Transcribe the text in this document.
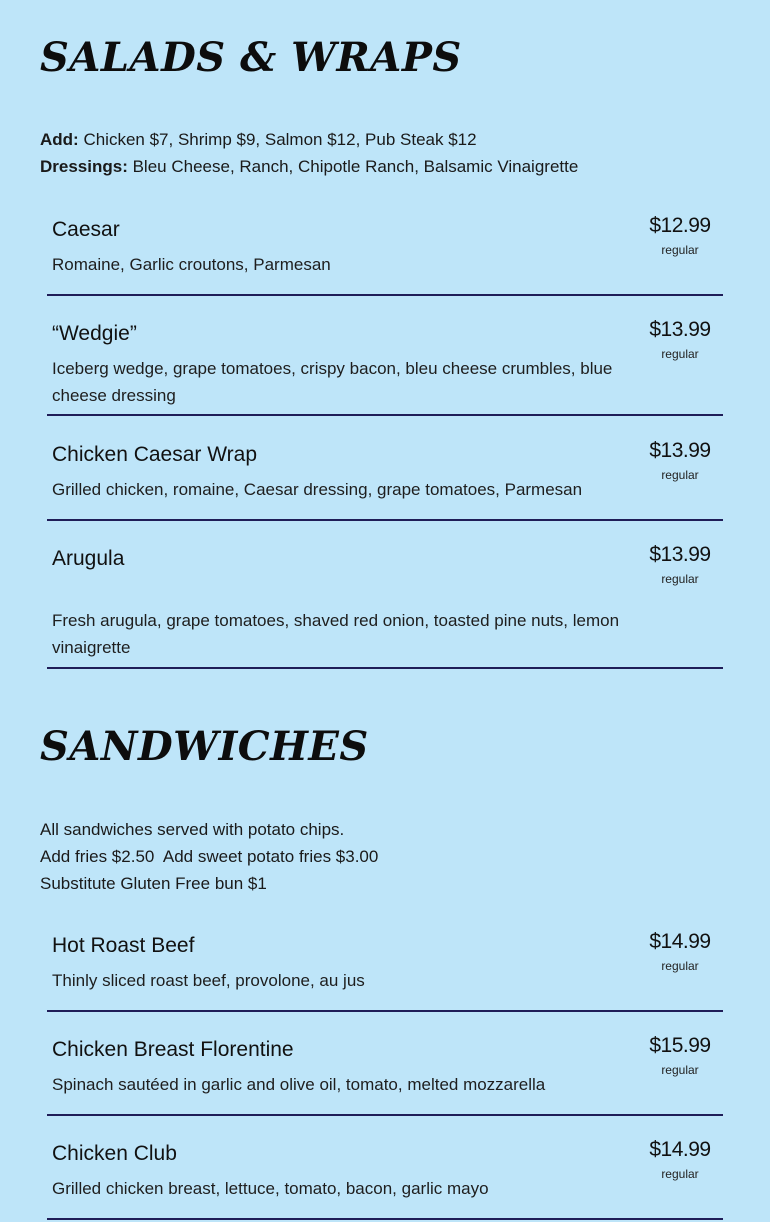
SALADS & WRAPS
Add: Chicken $7, Shrimp $9, Salmon $12, Pub Steak $12
Dressings: Bleu Cheese, Ranch, Chipotle Ranch, Balsamic Vinaigrette
Caesar
Romaine, Garlic croutons, Parmesan
$12.99
regular
“Wedgie”
Iceberg wedge, grape tomatoes, crispy bacon, bleu cheese crumbles, blue cheese dressing
$13.99
regular
Chicken Caesar Wrap
Grilled chicken, romaine, Caesar dressing, grape tomatoes, Parmesan
$13.99
regular
Arugula
Fresh arugula, grape tomatoes, shaved red onion, toasted pine nuts, lemon vinaigrette
$13.99
regular
SANDWICHES
All sandwiches served with potato chips.
Add fries $2.50  Add sweet potato fries $3.00
Substitute Gluten Free bun $1
Hot Roast Beef
Thinly sliced roast beef, provolone, au jus
$14.99
regular
Chicken Breast Florentine
Spinach sautéed in garlic and olive oil, tomato, melted mozzarella
$15.99
regular
Chicken Club
Grilled chicken breast, lettuce, tomato, bacon, garlic mayo
$14.99
regular
